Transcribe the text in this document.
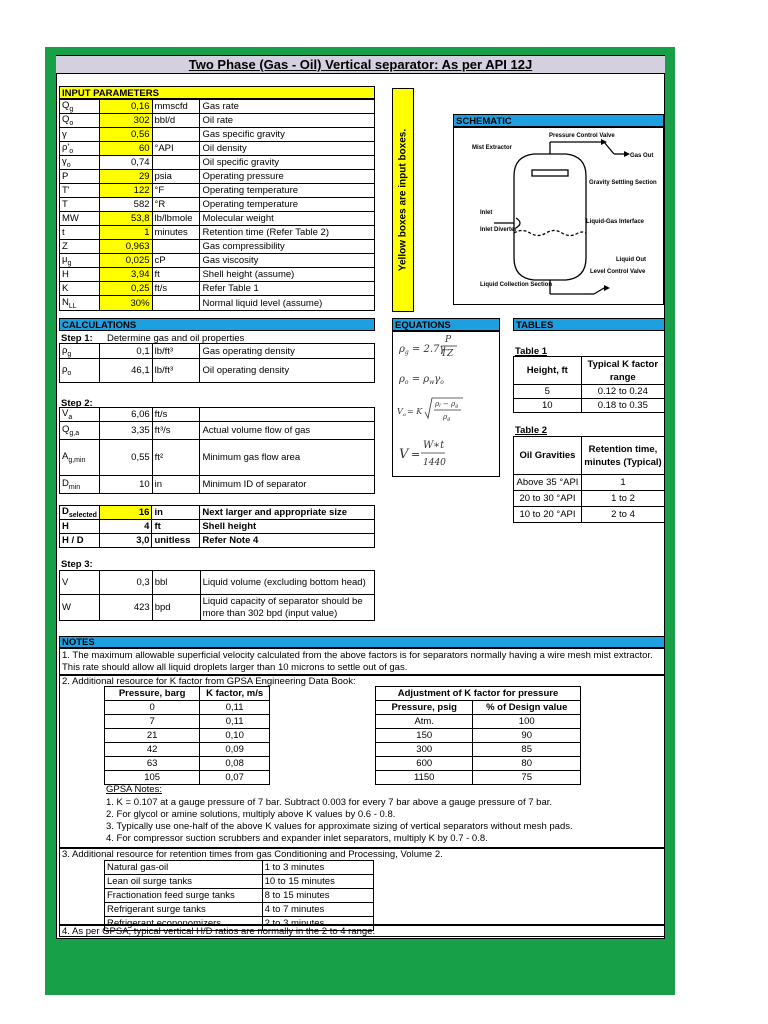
Two Phase (Gas - Oil) Vertical separator: As per API 12J
INPUT PARAMETERS
$Q_g$	0,16	mmscfd	Gas rate
$Q_o$	302	bbl/d	Oil rate
γ	0,56		Gas specific gravity
$\rho'_o$	60	°API	Oil density
$\gamma_o$	0,74		Oil specific gravity
P	29	psia	Operating pressure
T'	122	°F	Operating temperature
T	582	°R	Operating temperature
MW	53,8	lb/lbmole	Molecular weight
t	1	minutes	Retention time (Refer Table 2)
Z	0,963		Gas compressibility
$\mu_g$	0,025	cP	Gas viscosity
H	3,94	ft	Shell height (assume)
K	0,25	ft/s	Refer Table 1
$N_{LL}$	30%		Normal liquid level (assume)
Yellow boxes are input boxes.
SCHEMATIC
Mist Extractor
Pressure Control Valve
Gas Out
Gravity Settling Section
Liquid-Gas Interface
Inlet
Inlet Diverter
Liquid Out
Level Control Valve
Liquid Collection Section
CALCULATIONS
Step 1: Determine gas and oil properties
$\rho_g$	0,1	lb/ft³	Gas operating density
$\rho_o$	46,1	lb/ft³	Oil operating density
Step 2:
$V_a$	6,06	ft/s	
$Q_{g,a}$	3,35	ft³/s	Actual volume flow of gas
$A_{g,min}$	0,55	ft²	Minimum gas flow area
$D_{min}$	10	in	Minimum ID of separator
$D_{selected}$	16	in	Next larger and appropriate size
H	4	ft	Shell height
H / D	3,0	unitless	Refer Note 4
Step 3:
V	0,3	bbl	Liquid volume (excluding bottom head)
W	423	bpd	Liquid capacity of separator should be more than 302 bpd (input value)
EQUATIONS
$\rho_g = 2.7\gamma$
P
TZ
$\rho_o = \rho_w\gamma_o$
V a = K
ρl − ρg
ρg
V =
W∗t
1440
TABLES
Table 1
Height, ft	Typical K factor range
5	0.12 to 0.24
10	0.18 to 0.35
Table 2
Oil Gravities	Retention time, minutes (Typical)
Above 35 °API	1
20 to 30 °API	1 to 2
10 to 20 °API	2 to 4
NOTES
1. The maximum allowable superficial velocity calculated from the above factors is for separators normally having a wire mesh mist extractor. This rate should allow all liquid droplets larger than 10 microns to settle out of gas.
2. Additional resource for K factor from GPSA Engineering Data Book:
Pressure, barg	K factor, m/s
0	0,11
7	0,11
21	0,10
42	0,09
63	0,08
105	0,07
Adjustment of K factor for pressure	
Pressure, psig	% of Design value
Atm.	100
150	90
300	85
600	80
1150	75
GPSA Notes:
1. K = 0.107 at a gauge pressure of 7 bar. Subtract 0.003 for every 7 bar above a gauge pressure of 7 bar.
2. For glycol or amine solutions, multiply above K values by 0.6 - 0.8.
3. Typically use one-half of the above K values for approximate sizing of vertical separators without mesh pads.
4. For compressor suction scrubbers and expander inlet separators, multiply K by 0.7 - 0.8.
3. Additional resource for retention times from gas Conditioning and Processing, Volume 2.
Natural gas-oil	1 to 3 minutes
Lean oil surge tanks	10 to 15 minutes
Fractionation feed surge tanks	8 to 15 minutes
Refrigerant surge tanks	4 to 7 minutes
Refrigerant econonomizers	2 to 3 minutes
4. As per GPSA, typical vertical H/D ratios are normally in the 2 to 4 range.
